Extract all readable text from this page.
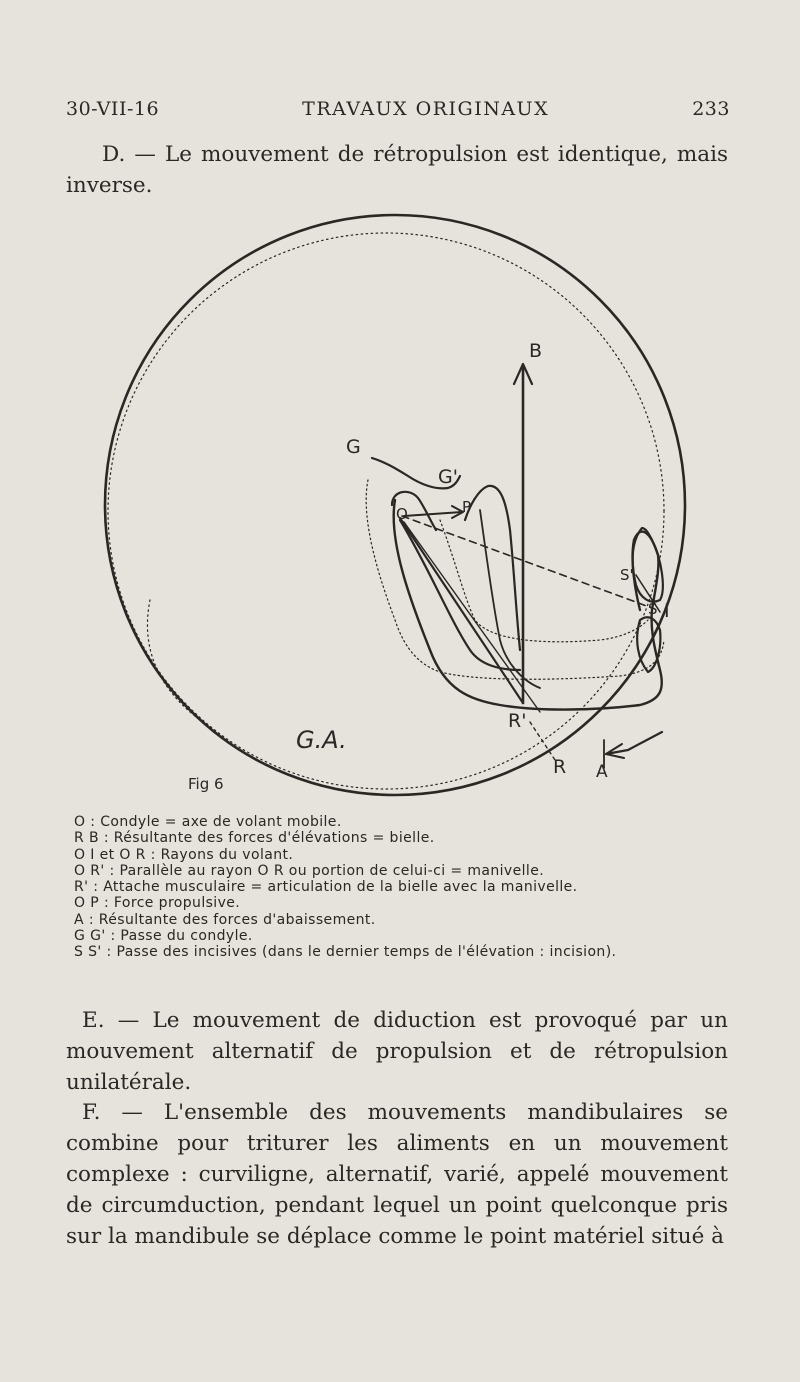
30-VII-16	TRAVAUX ORIGINAUX	233

D. — Le mouvement de rétropulsion est identique, mais inverse.

B
G
G'
O	P
S'
S I
R'
R A
G.A.
Fig 6
O : Condyle = axe de volant mobile.
R B : Résultante des forces d'élévations = bielle.
O I et O R : Rayons du volant.
O R' : Parallèle au rayon O R ou portion de celui-ci = manivelle.
R' : Attache musculaire = articulation de la bielle avec la manivelle.
O P : Force propulsive.
A : Résultante des forces d'abaissement.
G G' : Passe du condyle.
S S' : Passe des incisives (dans le dernier temps de l'élévation : incision).

E. — Le mouvement de diduction est provoqué par un mouvement alternatif de propulsion et de rétropulsion unilatérale.

F. — L'ensemble des mouvements mandibulaires se combine pour triturer les aliments en un mouvement complexe : curviligne, alternatif, varié, appelé mouvement de circumduction, pendant lequel un point quelconque pris sur la mandibule se déplace comme le point matériel situé à
